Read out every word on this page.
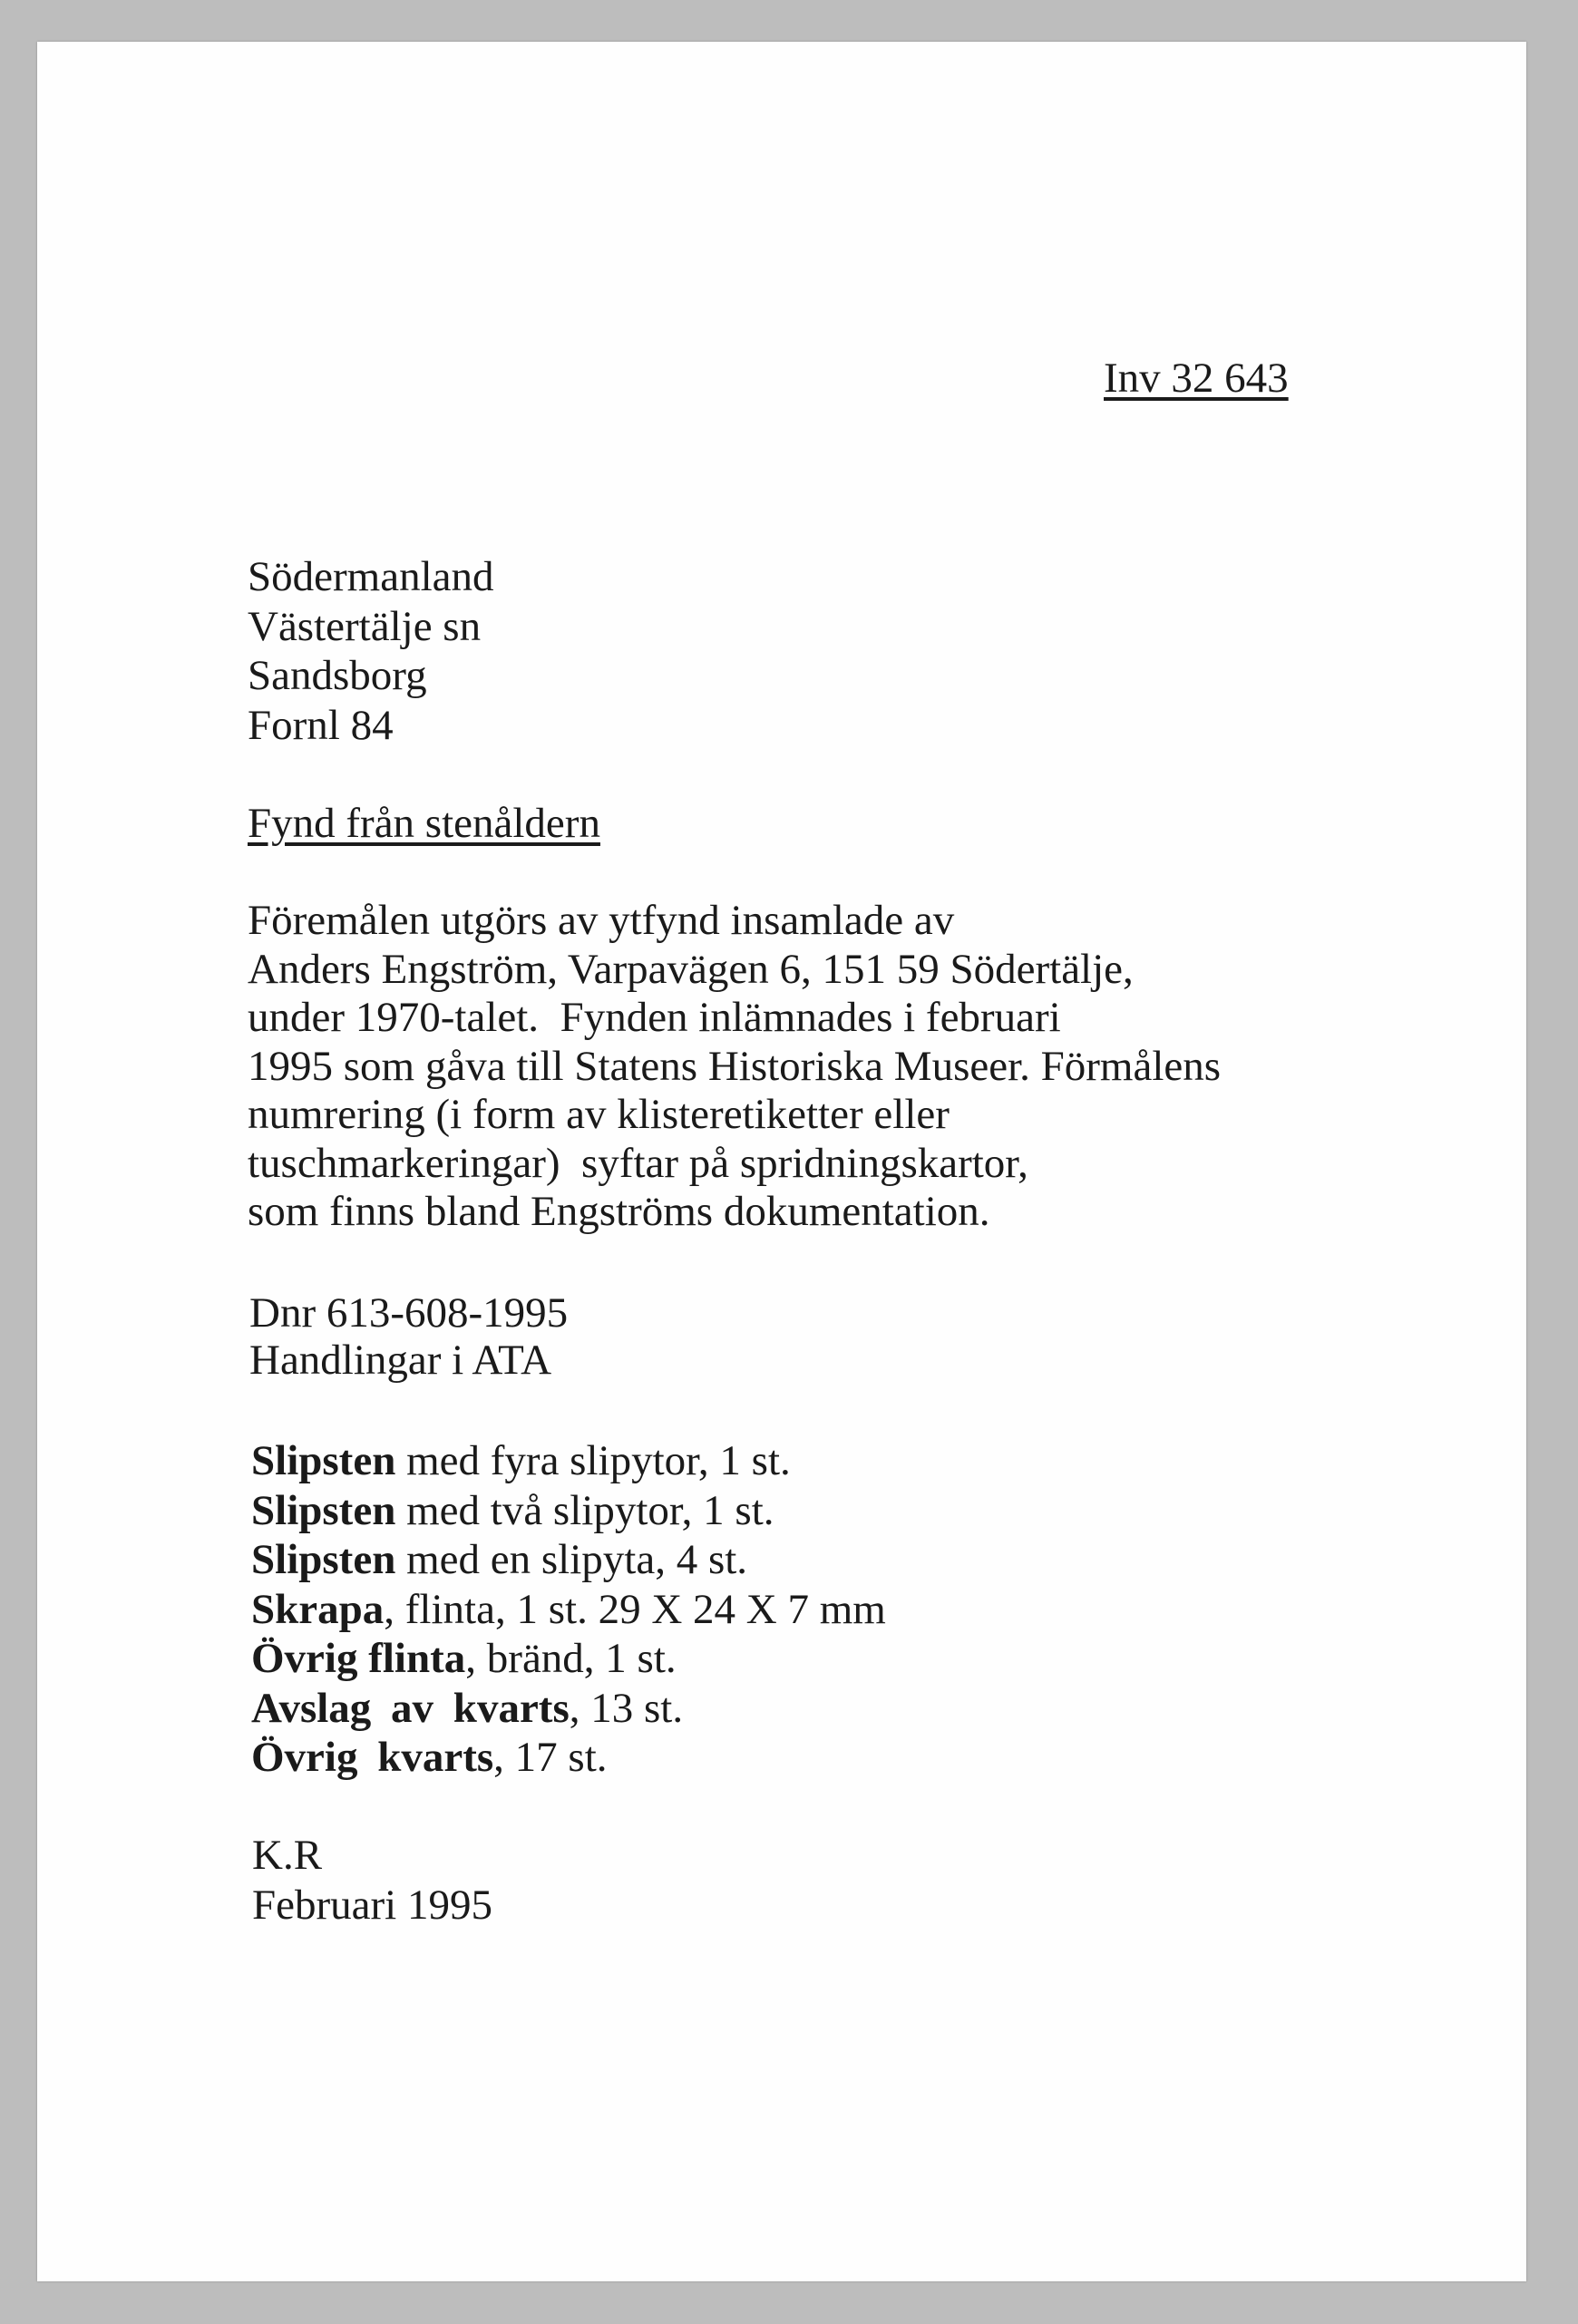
Inv 32 643
Södermanland
Västertälje sn
Sandsborg
Fornl 84
Fynd från stenåldern
Föremålen utgörs av ytfynd insamlade av
Anders Engström, Varpavägen 6, 151 59 Södertälje,
under 1970-talet.  Fynden inlämnades i februari
1995 som gåva till Statens Historiska Museer. Förmålens
numrering (i form av klisteretiketter eller
tuschmarkeringar)  syftar på spridningskartor,
som finns bland Engströms dokumentation.
Dnr 613-608-1995
Handlingar i ATA
Slipsten med fyra slipytor, 1 st.
Slipsten med två slipytor, 1 st.
Slipsten med en slipyta, 4 st.
Skrapa, flinta, 1 st. 29 X 24 X 7 mm
Övrig flinta, bränd, 1 st.
Avslag av kvarts, 13 st.
Övrig kvarts, 17 st.
K.R
Februari 1995
